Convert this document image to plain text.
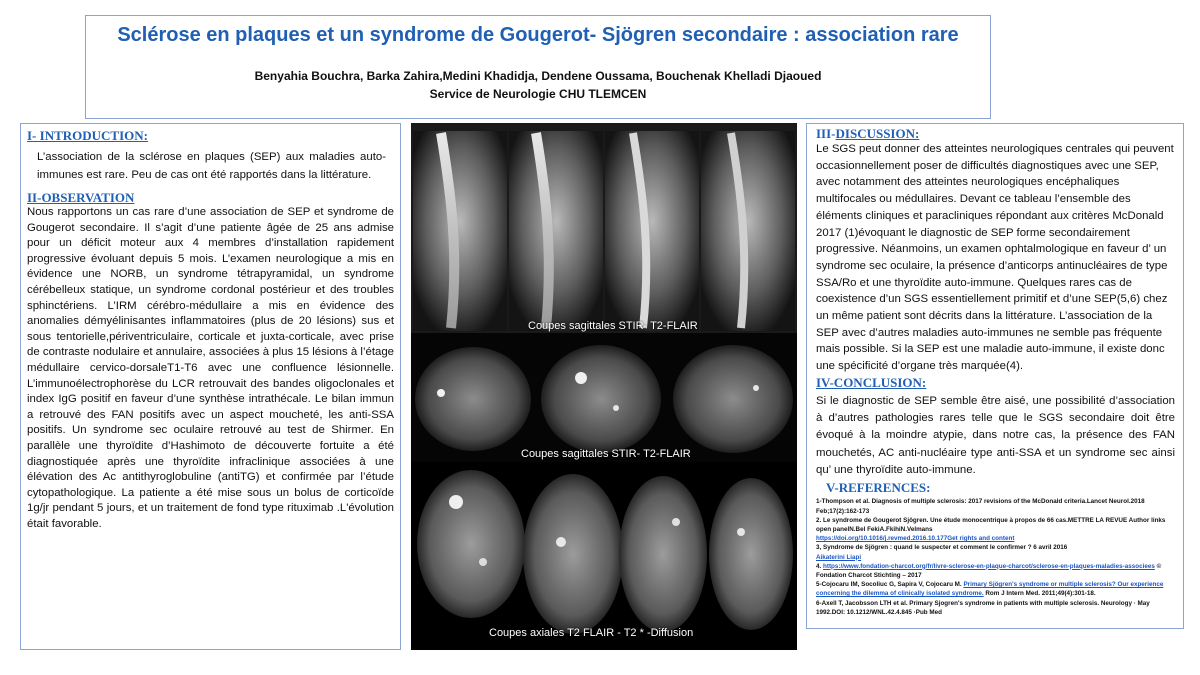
Sclérose en plaques et un syndrome de Gougerot- Sjögren secondaire : association rare
Benyahia Bouchra, Barka Zahira,Medini Khadidja, Dendene Oussama, Bouchenak Khelladi Djaoued
Service de Neurologie CHU TLEMCEN
I- INTRODUCTION:

L’association de la sclérose en plaques (SEP) aux maladies auto-immunes est rare. Peu de cas ont été rapportés dans la littérature.

II-OBSERVATION

Nous rapportons un cas rare d’une association de SEP et syndrome de Gougerot secondaire. Il s’agit d’une patiente âgée de 25 ans admise pour un déficit moteur aux 4 membres d’installation rapidement progressive évoluant depuis 5 mois. L’examen neurologique a mis en évidence une NORB, un syndrome tétrapyramidal, un syndrome cérébelleux statique, un syndrome cordonal postérieur et des troubles sphinctériens. L’IRM cérébro-médullaire a mis en évidence des anomalies démyélinisantes inflammatoires (plus de 20 lésions) sus et sous tentorielle,périventriculaire, corticale et juxta-corticale, avec prise de contraste nodulaire et annulaire, associées à plus 15 lésions à l’étage médullaire cervico-dorsaleT1-T6 avec une confluence lésionnelle. L’immunoélectrophorèse du LCR retrouvait des bandes oligoclonales et index IgG positif en faveur d’une synthèse intrathécale. Le bilan immun a retrouvé des FAN positifs avec un aspect moucheté, les anti-SSA positifs. Un syndrome sec oculaire retrouvé au test de Shirmer. En parallèle une thyroïdite d’Hashimoto de découverte fortuite a été diagnostiquée après une thyroïdite infraclinique associées à une élévation des Ac antithyroglobuline (antiTG) et confirmée par l’étude cytopathologique. La patiente a été mise sous un bolus de corticoïde 1g/jr pendant 5 jours, et un traitement de fond type rituximab .L'évolution était favorable.

Coupes sagittales STIR- T2-FLAIR
Coupes sagittales STIR- T2-FLAIR
Coupes axiales T2 FLAIR - T2 * -Diffusion
III-DISCUSSION:

Le SGS peut donner des atteintes neurologiques centrales qui peuvent occasionnellement poser de difficultés diagnostiques avec une SEP, avec notamment des atteintes neurologiques encéphaliques multifocales ou médullaires. Devant ce tableau l’ensemble des éléments cliniques et paracliniques répondant aux critères McDonald 2017 (1)évoquant le diagnostic de SEP forme secondairement progressive. Néanmoins, un examen ophtalmologique en faveur d’ un syndrome sec oculaire, la présence d’anticorps antinucléaires de type SSA/Ro et une thyroïdite auto-immune. Quelques rares cas de coexistence d’un SGS essentiellement primitif et d’une SEP(5,6) chez un même patient sont décrits dans la littérature. L’association de la SEP avec d’autres maladies auto-immunes ne semble pas fréquente mais possible. Si la SEP est une maladie auto-immune, il existe donc une spécificité d’organe très marquée(4).

IV-CONCLUSION:

Si le diagnostic de SEP semble être aisé, une possibilité d’association à d’autres pathologies rares telle que le SGS secondaire doit être évoqué à la moindre atypie, dans notre cas, la présence des FAN mouchetés, AC anti-nucléaire type anti-SSA et un syndrome sec ainsi qu’ une thyroïdite auto-immune.

V-REFERENCES:
1-Thompson et al. Diagnosis of multiple sclerosis: 2017 revisions of the McDonald criteria.Lancet Neurol.2018 Feb;17(2):162-173
2. Le syndrome de Gougerot Sjögren. Une étude monocentrique à propos de 66 cas.METTRE LA REVUE Author links open panelN.Bel FekiA.FkihiN.Velmans
https://doi.org/10.1016/j.revmed.2016.10.177Get rights and content
3, Syndrome de Sjögren : quand le suspecter et comment le confirmer ? 6 avril 2016
Aikaterini Liapi
4. https://www.fondation-charcot.org/fr/livre-sclerose-en-plaque-charcot/sclerose-en-plaques-maladies-associees © Fondation Charcot Stichting – 2017
5-Cojocaru IM, Socoliuc G, Sapira V, Cojocaru M. Primary Sjögren's syndrome or multiple sclerosis? Our experience concerning the dilemma of clinically isolated syndrome. Rom J Intern Med. 2011;49(4):301-18.
6-Axell T, Jacobsson LTH et al. Primary Sjogren's syndrome in patients with multiple sclerosis. Neurology · May 1992.DOI: 10.1212/WNL.42.4.845 ·Pub Med
